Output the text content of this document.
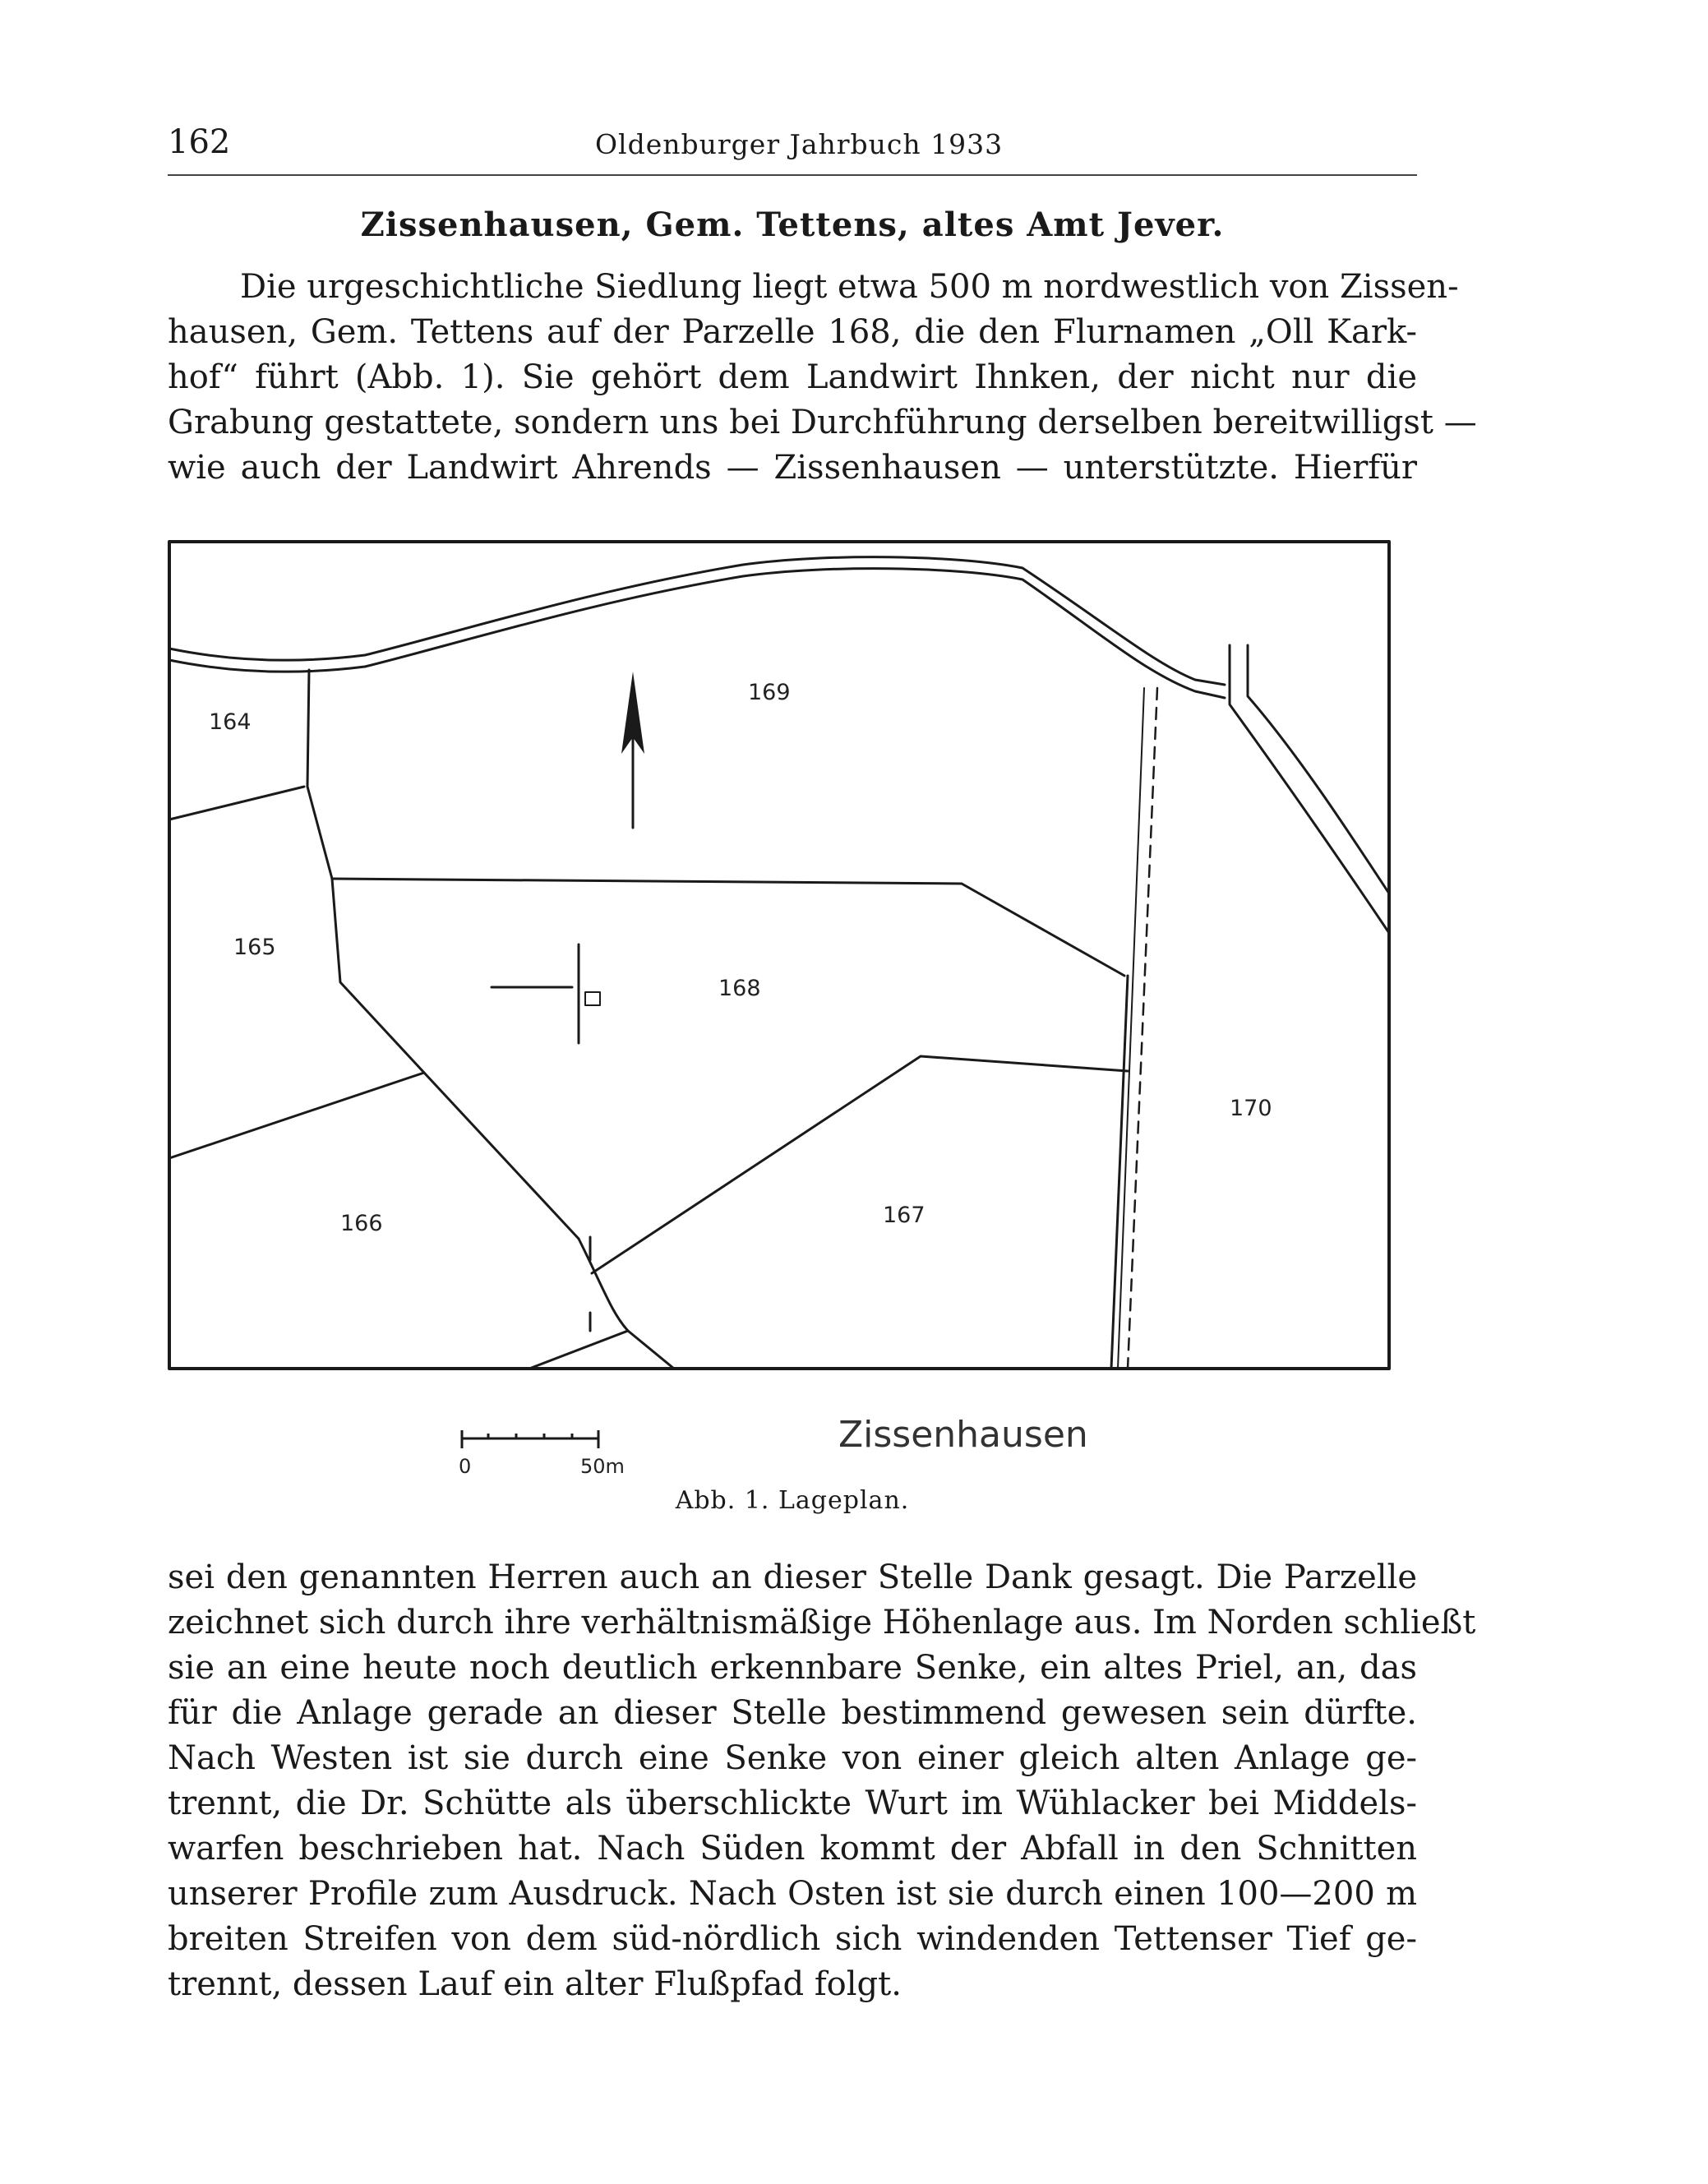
162	Oldenburger Jahrbuch 1933
Zissenhausen, Gem. Tettens, altes Amt Jever.
Die urgeschichtliche Siedlung liegt etwa 500 m nordwestlich von Zissen-
hausen, Gem. Tettens auf der Parzelle 168, die den Flurnamen „Oll Kark-
hof“ führt (Abb. 1). Sie gehört dem Landwirt Ihnken, der nicht nur die
Grabung gestattete, sondern uns bei Durchführung derselben bereitwilligst —
wie auch der Landwirt Ahrends — Zissenhausen — unterstützte. Hierfür
164
165
166	167
168
169
170
0	50m
Zissenhausen
Abb. 1. Lageplan.
sei den genannten Herren auch an dieser Stelle Dank gesagt. Die Parzelle
zeichnet sich durch ihre verhältnismäßige Höhenlage aus. Im Norden schließt
sie an eine heute noch deutlich erkennbare Senke, ein altes Priel, an, das
für die Anlage gerade an dieser Stelle bestimmend gewesen sein dürfte.
Nach Westen ist sie durch eine Senke von einer gleich alten Anlage ge-
trennt, die Dr. Schütte als überschlickte Wurt im Wühlacker bei Middels-
warfen beschrieben hat. Nach Süden kommt der Abfall in den Schnitten
unserer Profile zum Ausdruck. Nach Osten ist sie durch einen 100—200 m
breiten Streifen von dem süd-nördlich sich windenden Tettenser Tief ge-
trennt, dessen Lauf ein alter Flußpfad folgt.
